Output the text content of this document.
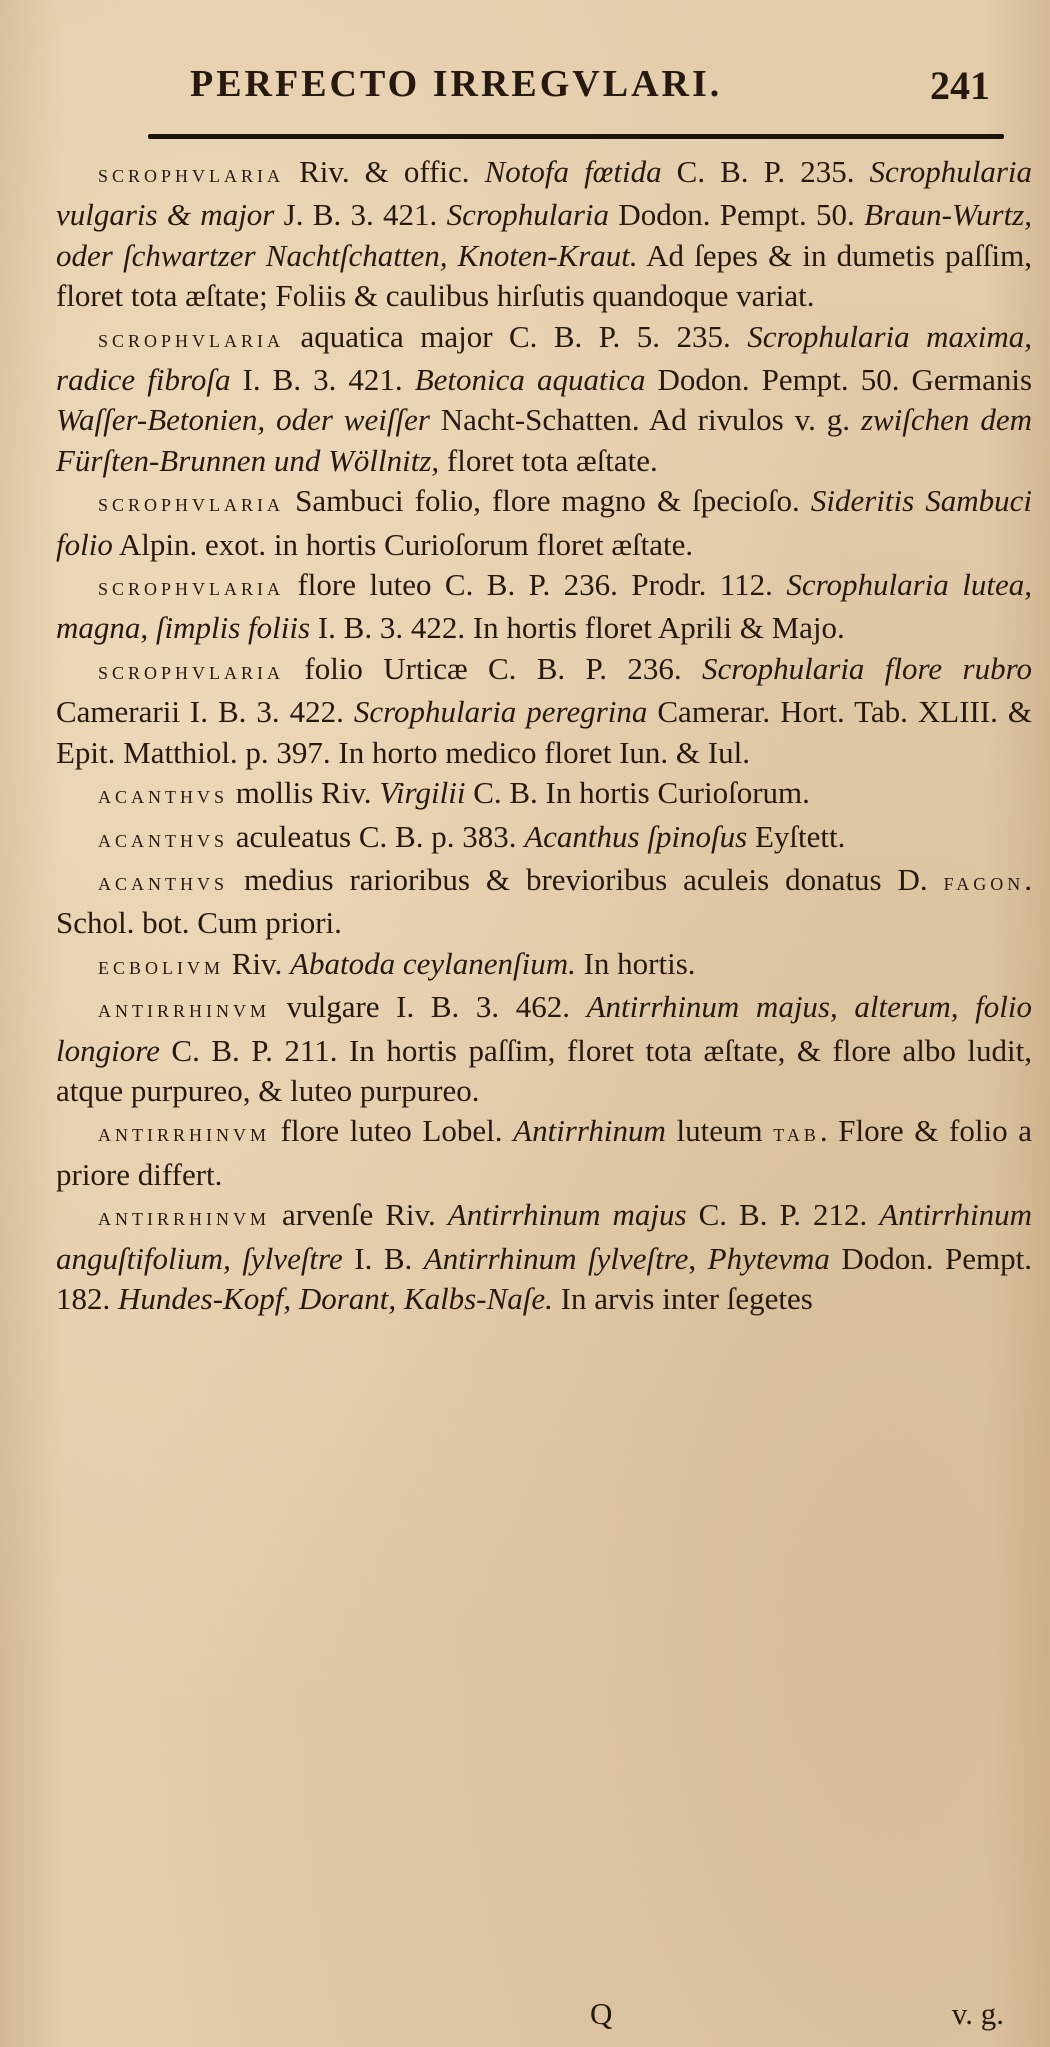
PERFECTO IRREGVLARI.	241

scrophvlaria Riv. & offic. Notofa fœtida C. B. P. 235. Scrophularia vulgaris & major J. B. 3. 421. Scrophularia Dodon. Pempt. 50. Braun-Wurtz, oder ſchwartzer Nachtſchatten, Knoten-Kraut. Ad ſepes & in dumetis paſſim, floret tota æſtate; Foliis & caulibus hirſutis quandoque variat.

scrophvlaria aquatica major C. B. P. 5. 235. Scrophularia maxima, radice fibroſa I. B. 3. 421. Betonica aquatica Dodon. Pempt. 50. Germanis Waſſer-Betonien, oder weiſſer Nacht-Schatten. Ad rivulos v. g. zwiſchen dem Fürſten-Brunnen und Wöllnitz, floret tota æſtate.

scrophvlaria Sambuci folio, flore magno & ſpecioſo. Sideritis Sambuci folio Alpin. exot. in hortis Curioſorum floret æſtate.

scrophvlaria flore luteo C. B. P. 236. Prodr. 112. Scrophularia lutea, magna, ſimplis foliis I. B. 3. 422. In hortis floret Aprili & Majo.

scrophvlaria folio Urticæ C. B. P. 236. Scrophularia flore rubro Camerarii I. B. 3. 422. Scrophularia peregrina Camerar. Hort. Tab. XLIII. & Epit. Matthiol. p. 397. In horto medico floret Iun. & Iul.

acanthvs mollis Riv. Virgilii C. B. In hortis Curioſorum.

acanthvs aculeatus C. B. p. 383. Acanthus ſpinoſus Eyſtett.

acanthvs medius rarioribus & brevioribus aculeis donatus D. fagon. Schol. bot. Cum priori.

ecbolivm Riv. Abatoda ceylanenſium. In hortis.

antirrhinvm vulgare I. B. 3. 462. Antirrhinum majus, alterum, folio longiore C. B. P. 211. In hortis paſſim, floret tota æſtate, & flore albo ludit, atque purpureo, & luteo purpureo.

antirrhinvm flore luteo Lobel. Antirrhinum luteum tab. Flore & folio a priore differt.

antirrhinvm arvenſe Riv. Antirrhinum majus C. B. P. 212. Antirrhinum anguſtifolium, ſylveſtre I. B. Antirrhinum ſylveſtre, Phytevma Dodon. Pempt. 182. Hundes-Kopf, Dorant, Kalbs-Naſe. In arvis inter ſegetes

Q	v. g.
